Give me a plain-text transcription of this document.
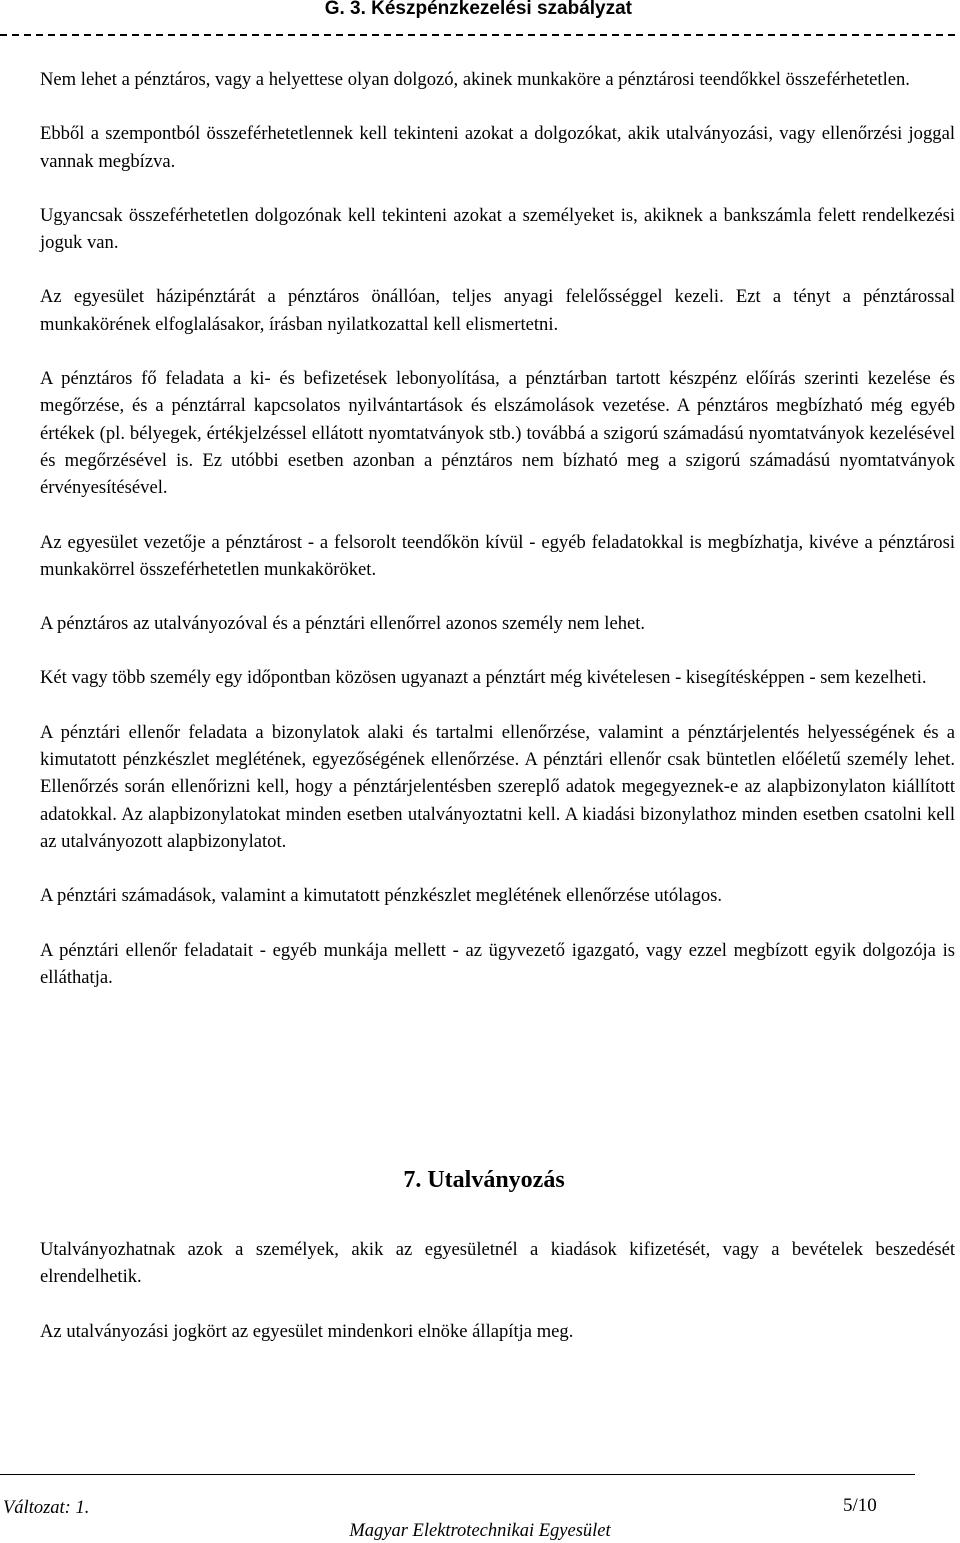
G. 3. Készpénzkezelési szabályzat

Nem lehet a pénztáros, vagy a helyettese olyan dolgozó, akinek munkaköre a pénztárosi teendőkkel összeférhetetlen.

Ebből a szempontból összeférhetetlennek kell tekinteni azokat a dolgozókat, akik utalványozási, vagy ellenőrzési joggal vannak megbízva.

Ugyancsak összeférhetetlen dolgozónak kell tekinteni azokat a személyeket is, akiknek a bankszámla felett rendelkezési joguk van.

Az egyesület házipénztárát a pénztáros önállóan, teljes anyagi felelősséggel kezeli. Ezt a tényt a pénztárossal munkakörének elfoglalásakor, írásban nyilatkozattal kell elismertetni.

A pénztáros fő feladata a ki- és befizetések lebonyolítása, a pénztárban tartott készpénz előírás szerinti kezelése és megőrzése, és a pénztárral kapcsolatos nyilvántartások és elszámolások vezetése. A pénztáros megbízható még egyéb értékek (pl. bélyegek, értékjelzéssel ellátott nyomtatványok stb.) továbbá a szigorú számadású nyomtatványok kezelésével és megőrzésével is. Ez utóbbi esetben azonban a pénztáros nem bízható meg a szigorú számadású nyomtatványok érvényesítésével.

Az egyesület vezetője a pénztárost - a felsorolt teendőkön kívül - egyéb feladatokkal is megbízhatja, kivéve a pénztárosi munkakörrel összeférhetetlen munkaköröket.

A pénztáros az utalványozóval és a pénztári ellenőrrel azonos személy nem lehet.

Két vagy több személy egy időpontban közösen ugyanazt a pénztárt még kivételesen - kisegítésképpen - sem kezelheti.

A pénztári ellenőr feladata a bizonylatok alaki és tartalmi ellenőrzése, valamint a pénztárjelentés helyességének és a kimutatott pénzkészlet meglétének, egyezőségének ellenőrzése. A pénztári ellenőr csak büntetlen előéletű személy lehet. Ellenőrzés során ellenőrizni kell, hogy a pénztárjelentésben szereplő adatok megegyeznek-e az alapbizonylaton kiállított adatokkal. Az alapbizonylatokat minden esetben utalványoztatni kell. A kiadási bizonylathoz minden esetben csatolni kell az utalványozott alapbizonylatot.

A pénztári számadások, valamint a kimutatott pénzkészlet meglétének ellenőrzése utólagos.

A pénztári ellenőr feladatait - egyéb munkája mellett - az ügyvezető igazgató, vagy ezzel megbízott egyik dolgozója is elláthatja.

7. Utalványozás

Utalványozhatnak azok a személyek, akik az egyesületnél a kiadások kifizetését, vagy a bevételek beszedését elrendelhetik.

Az utalványozási jogkört az egyesület mindenkori elnöke állapítja meg.

Változat: 1.	5/10
Magyar Elektrotechnikai Egyesület
